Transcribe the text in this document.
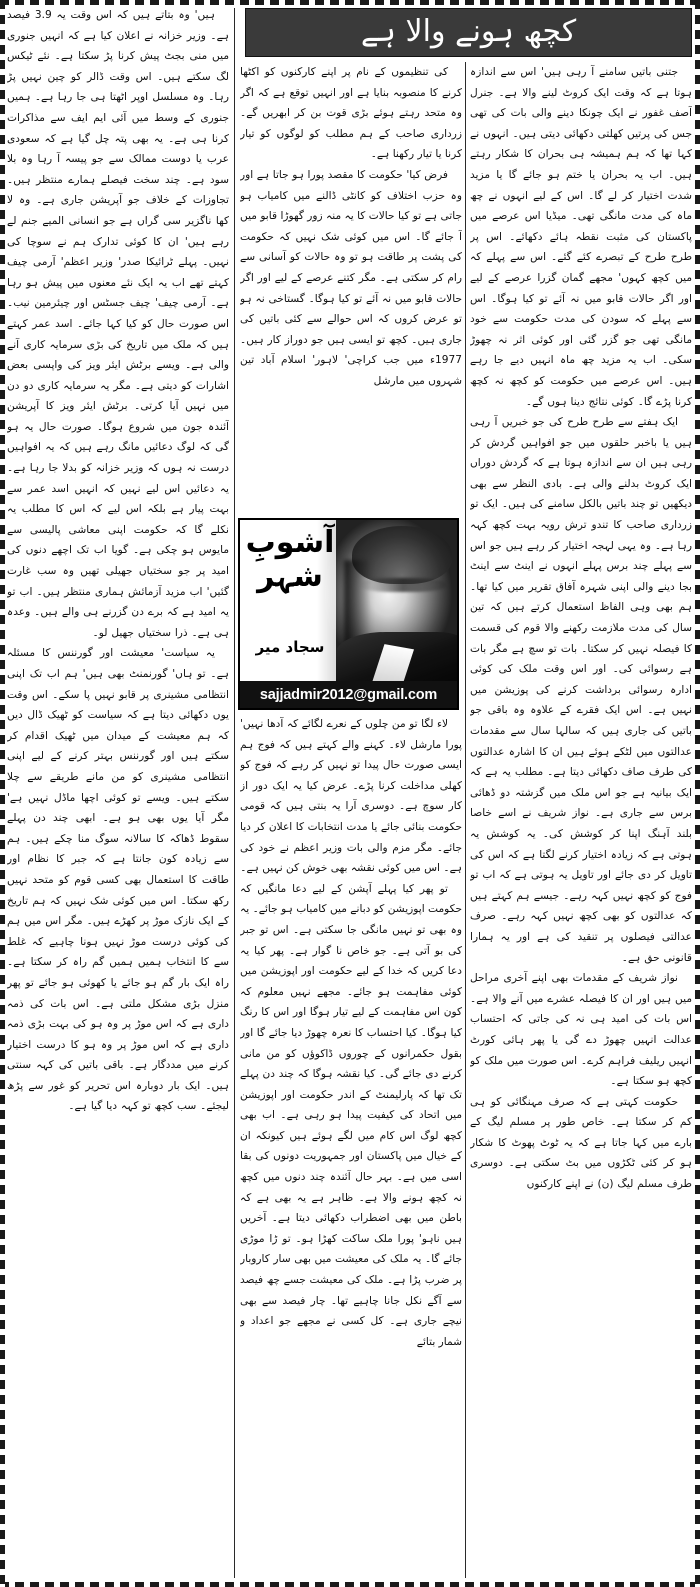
کچھ ہونے والا ہے

جتنی باتیں سامنے آ رہی ہیں' اس سے اندازہ ہوتا ہے کہ وقت ایک کروٹ لینے والا ہے۔ جنرل آصف غفور نے ایک چونکا دینے والی بات کی تھی جس کی پرتیں کھلتی دکھائی دیتی ہیں۔ انہوں نے کہا تھا کہ ہم ہمیشہ ہی بحران کا شکار رہتے ہیں۔ اب یہ بحران یا ختم ہو جائے گا یا مزید شدت اختیار کر لے گا۔ اس کے لیے انہوں نے چھ ماہ کی مدت مانگی تھی۔ میڈیا اس عرصے میں پاکستان کی مثبت نقطہ ہائے دکھائے۔ اس پر طرح طرح کے تبصرے کئے گئے۔ اس سے پہلے کہ میں کچھ کہوں' مجھے گمان گزرا عرصے کے لیے اور اگر حالات قابو میں نہ آئے تو کیا ہوگا۔ اس سے پہلے کہ سودن کی مدت حکومت سے خود مانگی تھی جو گزر گئی اور کوئی اثر نہ چھوڑ سکی۔ اب یہ مزید چھ ماہ انہیں دیے جا رہے ہیں۔ اس عرصے میں حکومت کو کچھ نہ کچھ کرنا پڑے گا۔ کوئی نتائج دینا ہوں گے۔

ایک ہفتے سے طرح طرح کی جو خبریں آ رہی ہیں یا باخبر حلقوں میں جو افواہیں گردش کر رہی ہیں ان سے اندازہ ہوتا ہے کہ گردش دوراں ایک کروٹ بدلنے والی ہے۔ بادی النظر سے بھی دیکھیں تو چند باتیں بالکل سامنے کی ہیں۔ ایک تو زرداری صاحب کا تندو ترش رویہ بہت کچھ کہہ رہا ہے۔ وہ یہی لہجہ اختیار کر رہے ہیں جو اس سے پہلے چند برس پہلے انہوں نے اینٹ سے اینٹ بجا دینے والی اپنی شہرہ آفاق تقریر میں کیا تھا۔ ہم بھی وہی الفاظ استعمال کرتے ہیں کہ تین سال کی مدت ملازمت رکھنے والا قوم کی قسمت کا فیصلہ نہیں کر سکتا۔ بات تو سچ ہے مگر بات ہے رسوائی کی۔ اور اس وقت ملک کی کوئی ادارہ رسوائی برداشت کرنے کی پوزیشن میں نہیں ہے۔ اس ایک فقرے کے علاوہ وہ باقی جو باتیں کی جاری ہیں کہ سالہا سال سے مقدمات عدالتوں میں لٹکے ہوئے ہیں ان کا اشارہ عدالتوں کی طرف صاف دکھائی دیتا ہے۔ مطلب یہ ہے کہ ایک بیانیہ ہے جو اس ملک میں گزشتہ دو ڈھائی برس سے جاری ہے۔ نواز شریف نے اسے خاصا بلند آہنگ اپنا کر کوشش کی۔ یہ کوشش یہ ہوتی ہے کہ زیادہ اختیار کرنے لگتا ہے کہ اس کی تاویل کر دی جائے اور تاویل یہ ہوتی ہے کہ اب تو فوج کو کچھ نہیں کہہ رہے۔ جیسے ہم کہتے ہیں کہ عدالتوں کو بھی کچھ نہیں کہہ رہے۔ صرف عدالتی فیصلوں پر تنقید کی ہے اور یہ ہمارا قانونی حق ہے۔

نواز شریف کے مقدمات بھی اپنے آخری مراحل میں ہیں اور ان کا فیصلہ عشرے میں آنے والا ہے۔ اس بات کی امید ہی نہ کی جاتی کہ احتساب عدالت انہیں چھوڑ دے گی یا پھر ہائی کورٹ انہیں ریلیف فراہم کرے۔ اس صورت میں ملک کو کچھ ہو سکتا ہے۔

حکومت کہتی ہے کہ صرف مہنگائی کو ہی کم کر سکتا ہے۔ خاص طور پر مسلم لیگ کے بارے میں کہا جاتا ہے کہ یہ ٹوٹ پھوٹ کا شکار ہو کر کئی ٹکڑوں میں بٹ سکتی ہے۔ دوسری طرف مسلم لیگ (ن) نے اپنے کارکنوں

کی تنظیموں کے نام پر اپنے کارکنوں کو اکٹھا کرنے کا منصوبہ بنایا ہے اور انہیں توقع ہے کہ اگر وہ متحد رہتے ہوئے بڑی قوت بن کر ابھریں گے۔ زرداری صاحب کے ہم مطلب کو لوگوں کو تیار کرنا یا تیار رکھنا ہے۔

فرض کیا' حکومت کا مقصد پورا ہو جاتا ہے اور وہ حزب اختلاف کو کانٹی ڈالنے میں کامیاب ہو جاتی ہے تو کیا حالات کا یہ منہ زور گھوڑا قابو میں آ جائے گا۔ اس میں کوئی شک نہیں کہ حکومت کی پشت پر طاقت ہو تو وہ حالات کو آسانی سے رام کر سکتی ہے۔ مگر کتنے عرصے کے لیے اور اگر حالات قابو میں نہ آئے تو کیا ہوگا۔ گستاخی نہ ہو تو عرض کروں کہ اس حوالے سے کئی باتیں کی جاری ہیں۔ کچھ تو ایسی ہیں جو دوراز کار ہیں۔ 1977ء میں جب کراچی' لاہور' اسلام آباد تین شہروں میں مارشل

آشوبِ شہر
سجاد میر
sajjadmir2012@gmail.com

لاء لگا تو من چلوں کے نعرے لگائے کہ آدھا نہیں' پورا مارشل لاء۔ کہنے والے کہتے ہیں کہ فوج ہم ایسی صورت حال پیدا تو نہیں کر رہے کہ فوج کو کھلی مداخلت کرنا پڑے۔ عرض کیا یہ ایک دور از کار سوچ ہے۔ دوسری آرا یہ بنتی ہیں کہ قومی حکومت بنائی جائے یا مدت انتخابات کا اعلان کر دیا جائے۔ مگر مزم والی بات وزیر اعظم نے خود کی ہے۔ اس میں کوئی نقشہ بھی خوش کن نہیں ہے۔

تو پھر کیا پہلے آپشن کے لیے دعا مانگیں کہ حکومت اپوزیشن کو دبانے میں کامیاب ہو جائے۔ یہ وہ بھی تو نہیں مانگی جا سکتی ہے۔ اس تو جبر کی بو آتی ہے۔ جو خاص نا گوار ہے۔ پھر کیا یہ دعا کریں کہ خدا کے لیے حکومت اور اپوزیشن میں کوئی مفاہمت ہو جائے۔ مجھے نہیں معلوم کہ کون اس مفاہمت کے لیے تیار ہوگا اور اس کا رنگ کیا ہوگا۔ کیا احتساب کا نعرہ چھوڑ دیا جائے گا اور بقول حکمرانوں کے چوروں ڈاکوؤں کو من مانی کرنے دی جائے گی۔ کیا نقشہ ہوگا کہ چند دن پہلے تک تھا کہ پارلیمنٹ کے اندر حکومت اور اپوزیشن میں اتحاد کی کیفیت پیدا ہو رہی ہے۔ اب بھی کچھ لوگ اس کام میں لگے ہوئے ہیں کیونکہ ان کے خیال میں پاکستان اور جمہوریت دونوں کی بقا اسی میں ہے۔ بہر حال آئندہ چند دنوں میں کچھ نہ کچھ ہونے والا ہے۔ ظاہر ہے یہ بھی ہے کہ باطن میں بھی اضطراب دکھائی دیتا ہے۔ آخریں ہیں ناہو' پورا ملک ساکت کھڑا ہو۔ تو ڑا موڑی جائے گا۔ یہ ملک کی معیشت میں بھی سار کاروبار پر ضرب پڑا ہے۔ ملک کی معیشت جسے چھ فیصد سے آگے نکل جانا چاہیے تھا۔ چار فیصد سے بھی نیچے جاری ہے۔ کل کسی نے مجھے جو اعداد و شمار بتائے

ہیں' وہ بتاتے ہیں کہ اس وقت یہ 3.9 فیصد ہے۔ وزیر خزانہ نے اعلان کیا ہے کہ انہیں جنوری میں منی بجٹ پیش کرنا پڑ سکتا ہے۔ نئے ٹیکس لگ سکتے ہیں۔ اس وقت ڈالر کو چین نہیں پڑ رہا۔ وہ مسلسل اوپر اٹھتا ہی جا رہا ہے۔ ہمیں جنوری کے وسط میں آئی ایم ایف سے مذاکرات کرنا ہی ہے۔ یہ بھی پتہ چل گیا ہے کہ سعودی عرب یا دوست ممالک سے جو پیسہ آ رہا وہ بلا سود ہے۔ چند سخت فیصلے ہمارے منتظر ہیں۔ تجاوزات کے خلاف جو آپریشن جاری ہے۔ وہ لا کھا ناگزیر سی گراں ہے جو انسانی المیے جنم لے رہے ہیں' ان کا کوئی تدارک ہم نے سوچا کی نہیں۔ پہلے ٹرائیکا صدر' وزیر اعظم' آرمی چیف کہتے تھے اب یہ ایک نئے معنوں میں پیش ہو رہا ہے۔ آرمی چیف' چیف جسٹس اور چیئرمین نیب۔ اس صورت حال کو کیا کہا جائے۔ اسد عمر کہتے ہیں کہ ملک میں تاریخ کی بڑی سرمایہ کاری آنے والی ہے۔ ویسے برٹش ایئر ویز کی واپسی بعض اشارات کو دیتی ہے۔ مگر یہ سرمایہ کاری دو دن میں نہیں آیا کرتی۔ برٹش ایئر ویز کا آپریشن آئندہ جون میں شروع ہوگا۔ صورت حال یہ ہو گی کہ لوگ دعائیں مانگ رہے ہیں کہ یہ افواہیں درست نہ ہوں کہ وزیر خزانہ کو بدلا جا رہا ہے۔ یہ دعائیں اس لیے نہیں کہ انہیں اسد عمر سے بہت پیار ہے بلکہ اس لیے کہ اس کا مطلب یہ نکلے گا کہ حکومت اپنی معاشی پالیسی سے مایوس ہو چکی ہے۔ گویا اب تک اچھے دنوں کی امید پر جو سختیاں جھیلی تھیں وہ سب غارت گئیں' اب مزید آزمائش ہماری منتظر ہیں۔ اب تو یہ امید ہے کہ برے دن گزرنے ہی والے ہیں۔ وعدہ ہی ہے۔ ذرا سختیاں جھیل لو۔

یہ سیاست' معیشت اور گورننس کا مسئلہ ہے۔ تو ہاں' گورنمنٹ بھی ہیں' ہم اب تک اپنی انتظامی مشینری پر قابو نہیں پا سکے۔ اس وقت یوں دکھائی دیتا ہے کہ سیاست کو ٹھیک ڈال دیں کہ ہم معیشت کے میدان میں ٹھیک اقدام کر سکتے ہیں اور گورننس بہتر کرنے کے لیے اپنی انتظامی مشینری کو من مانے طریقے سے چلا سکتے ہیں۔ ویسے تو کوئی اچھا ماڈل نہیں ہے' مگر آیا یوں بھی ہو ہے۔ ابھی چند دن پہلے سقوط ڈھاکہ کا سالانہ سوگ منا چکے ہیں۔ ہم سے زیادہ کون جانتا ہے کہ جبر کا نظام اور طاقت کا استعمال بھی کسی قوم کو متحد نہیں رکھ سکتا۔ اس میں کوئی شک نہیں کہ ہم تاریخ کے ایک نازک موڑ پر کھڑے ہیں۔ مگر اس میں ہم کی کوئی درست موڑ نہیں ہونا چاہیے کہ غلط سے کا انتخاب ہمیں ہمیں گم راہ کر سکتا ہے۔ راہ ایک بار گم ہو جائے یا کھوئی ہو جائے تو پھر منزل بڑی مشکل ملتی ہے۔ اس بات کی ذمہ داری ہے کہ اس موڑ پر وہ ہو کی بہت بڑی ذمہ داری ہے کہ اس موڑ پر وہ ہو کا درست اختیار کرنے میں مددگار ہے۔ باقی باتیں کی کہہ سنتی ہیں۔ ایک بار دوبارہ اس تحریر کو غور سے پڑھ لیجئے۔ سب کچھ تو کہہ دیا گیا ہے۔
